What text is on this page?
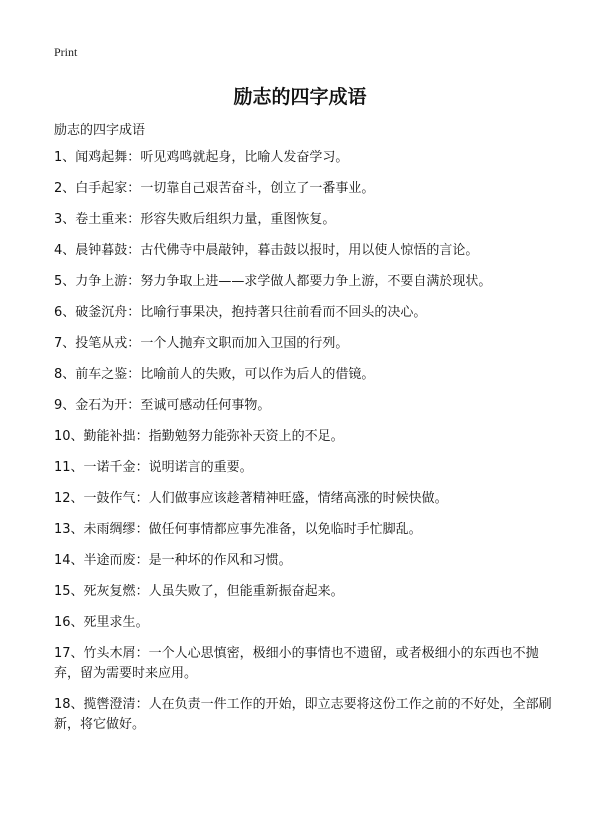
Print
励志的四字成语
励志的四字成语
1、闻鸡起舞：听见鸡鸣就起身，比喻人发奋学习。
2、白手起家：一切靠自己艰苦奋斗，创立了一番事业。
3、卷土重来：形容失败后组织力量，重图恢复。
4、晨钟暮鼓：古代佛寺中晨敲钟，暮击鼓以报时，用以使人惊悟的言论。
5、力争上游：努力争取上进——求学做人都要力争上游，不要自满於现状。
6、破釜沉舟：比喻行事果决，抱持著只往前看而不回头的决心。
7、投笔从戎：一个人抛弃文职而加入卫国的行列。
8、前车之鉴：比喻前人的失败，可以作为后人的借镜。
9、金石为开：至诚可感动任何事物。
10、勤能补拙：指勤勉努力能弥补天资上的不足。
11、一诺千金：说明诺言的重要。
12、一鼓作气：人们做事应该趁著精神旺盛，情绪高涨的时候快做。
13、未雨绸缪：做任何事情都应事先准备，以免临时手忙脚乱。
14、半途而废：是一种坏的作风和习惯。
15、死灰复燃：人虽失败了，但能重新振奋起来。
16、死里求生。
17、竹头木屑：一个人心思慎密，极细小的事情也不遗留，或者极细小的东西也不抛弃，留为需要时来应用。
18、揽辔澄清：人在负责一件工作的开始，即立志要将这份工作之前的不好处，全部刷新，将它做好。
